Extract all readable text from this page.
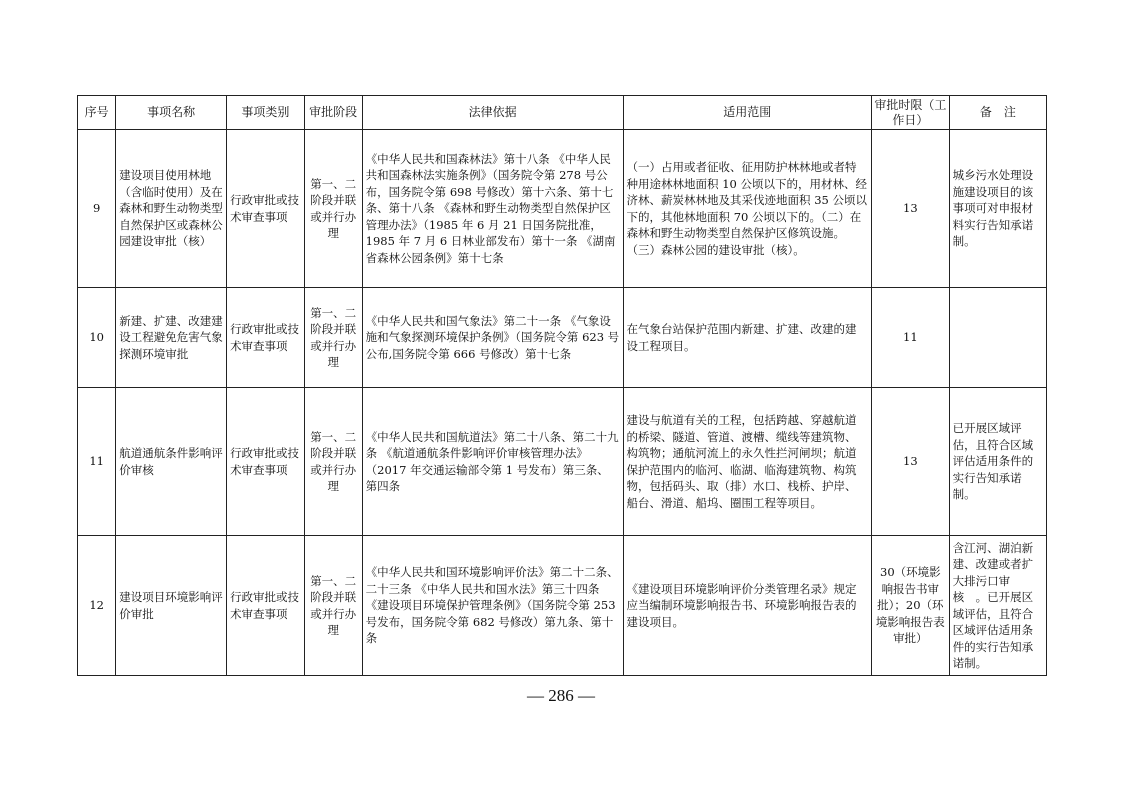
序号	事项名称	事项类别	审批阶段	法律依据	适用范围	审批时限（工作日）	备　注
9	建设项目使用林地（含临时使用）及在森林和野生动物类型自然保护区或森林公园建设审批（核）	行政审批或技术审查事项	第一、二阶段并联或并行办理	《中华人民共和国森林法》第十八条 《中华人民共和国森林法实施条例》（国务院令第 278 号公布，国务院令第 698 号修改）第十六条、第十七条、第十八条 《森林和野生动物类型自然保护区管理办法》（1985 年 6 月 21 日国务院批准，1985 年 7 月 6 日林业部发布）第十一条 《湖南省森林公园条例》第十七条	（一）占用或者征收、征用防护林林地或者特种用途林林地面积 10 公顷以下的，用材林、经济林、薪炭林林地及其采伐迹地面积 35 公顷以下的，其他林地面积 70 公顷以下的。（二）在森林和野生动物类型自然保护区修筑设施。（三）森林公园的建设审批（核）。	13	城乡污水处理设施建设项目的该事项可对申报材料实行告知承诺制。
10	新建、扩建、改建建设工程避免危害气象探测环境审批	行政审批或技术审查事项	第一、二阶段并联或并行办理	《中华人民共和国气象法》第二十一条 《气象设施和气象探测环境保护条例》（国务院令第 623 号公布,国务院令第 666 号修改）第十七条	在气象台站保护范围内新建、扩建、改建的建设工程项目。	11	
11	航道通航条件影响评价审核	行政审批或技术审查事项	第一、二阶段并联或并行办理	《中华人民共和国航道法》第二十八条、第二十九条 《航道通航条件影响评价审核管理办法》（2017 年交通运输部令第 1 号发布）第三条、第四条	建设与航道有关的工程，包括跨越、穿越航道的桥梁、隧道、管道、渡槽、缆线等建筑物、构筑物；通航河流上的永久性拦河闸坝；航道保护范围内的临河、临湖、临海建筑物、构筑物，包括码头、取（排）水口、栈桥、护岸、船台、滑道、船坞、圈围工程等项目。	13	已开展区域评估，且符合区域评估适用条件的实行告知承诺制。
12	建设项目环境影响评价审批	行政审批或技术审查事项	第一、二阶段并联或并行办理	《中华人民共和国环境影响评价法》第二十二条、二十三条 《中华人民共和国水法》第三十四条 《建设项目环境保护管理条例》（国务院令第 253 号发布，国务院令第 682 号修改）第九条、第十条	《建设项目环境影响评价分类管理名录》规定应当编制环境影响报告书、环境影响报告表的建设项目。	30（环境影响报告书审批）；20（环境影响报告表审批）	含江河、湖泊新建、改建或者扩大排污口审核　。已开展区域评估，且符合区域评估适用条件的实行告知承诺制。
— 286 —
